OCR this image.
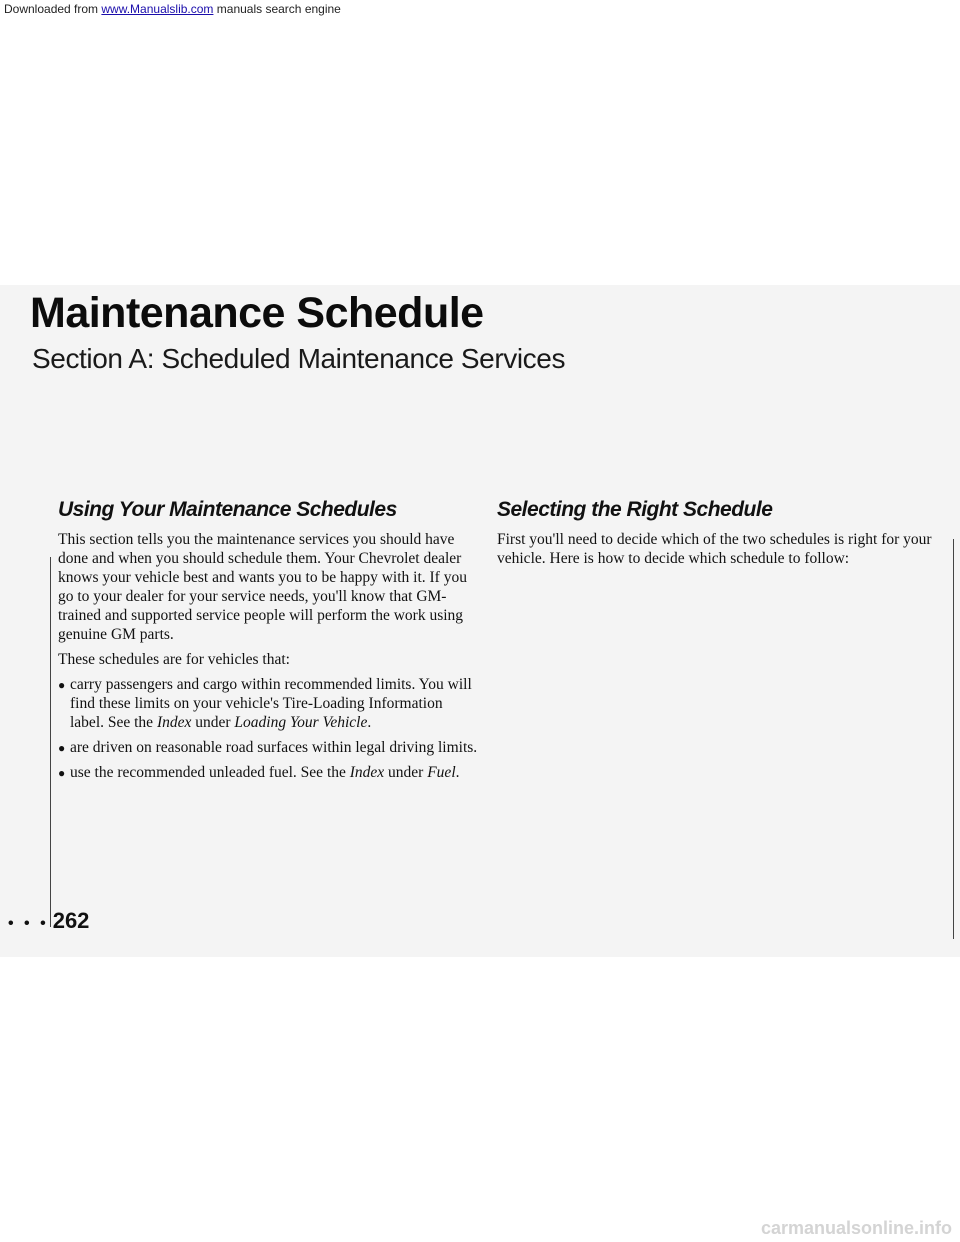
Downloaded from www.Manualslib.com manuals search engine
Maintenance Schedule
Section A: Scheduled Maintenance Services
Using Your Maintenance Schedules

This section tells you the maintenance services you should have done and when you should schedule them. Your Chevrolet dealer knows your vehicle best and wants you to be happy with it. If you go to your dealer for your service needs, you'll know that GM-trained and supported service people will perform the work using genuine GM parts.

These schedules are for vehicles that:

● carry passengers and cargo within recommended limits. You will find these limits on your vehicle's Tire-Loading Information label. See the Index under Loading Your Vehicle.
● are driven on reasonable road surfaces within legal driving limits.
● use the recommended unleaded fuel. See the Index under Fuel.
Selecting the Right Schedule

First you'll need to decide which of the two schedules is right for your vehicle. Here is how to decide which schedule to follow:

• • • 262
carmanualsonline.info
